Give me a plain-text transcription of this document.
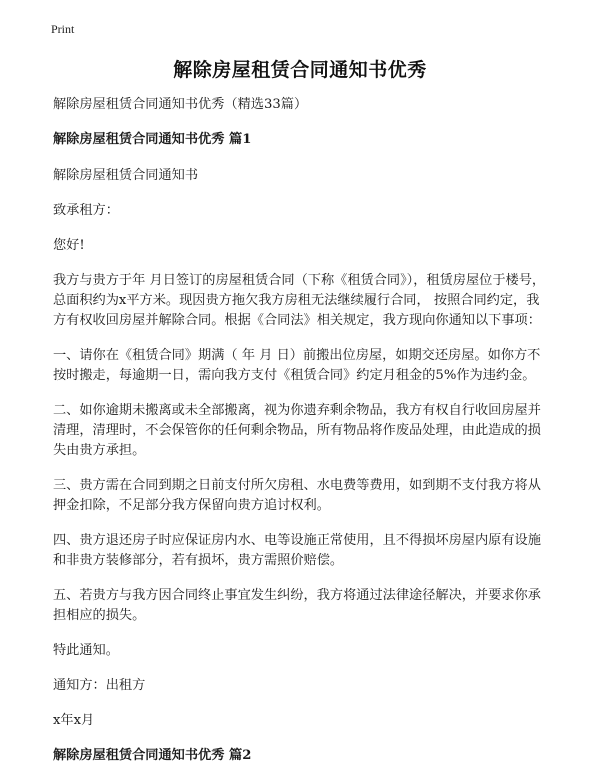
Print
解除房屋租赁合同通知书优秀

解除房屋租赁合同通知书优秀（精选33篇）

解除房屋租赁合同通知书优秀 篇1

解除房屋租赁合同通知书

致承租方：

您好!

我方与贵方于年 月日签订的房屋租赁合同（下称《租赁合同》），租赁房屋位于楼号，总面积约为x平方米。现因贵方拖欠我方房租无法继续履行合同， 按照合同约定，我方有权收回房屋并解除合同。根据《合同法》相关规定，我方现向你通知以下事项：

一、请你在《租赁合同》期满（ 年 月 日）前搬出位房屋，如期交还房屋。如你方不按时搬走，每逾期一日，需向我方支付《租赁合同》约定月租金的5%作为违约金。

二、如你逾期未搬离或未全部搬离，视为你遗弃剩余物品，我方有权自行收回房屋并清理，清理时，不会保管你的任何剩余物品，所有物品将作废品处理，由此造成的损失由贵方承担。

三、贵方需在合同到期之日前支付所欠房租、水电费等费用，如到期不支付我方将从押金扣除，不足部分我方保留向贵方追讨权利。

四、贵方退还房子时应保证房内水、电等设施正常使用，且不得损坏房屋内原有设施和非贵方装修部分，若有损坏，贵方需照价赔偿。

五、若贵方与我方因合同终止事宜发生纠纷，我方将通过法律途径解决，并要求你承担相应的损失。

特此通知。

通知方：出租方

x年x月

解除房屋租赁合同通知书优秀 篇2
